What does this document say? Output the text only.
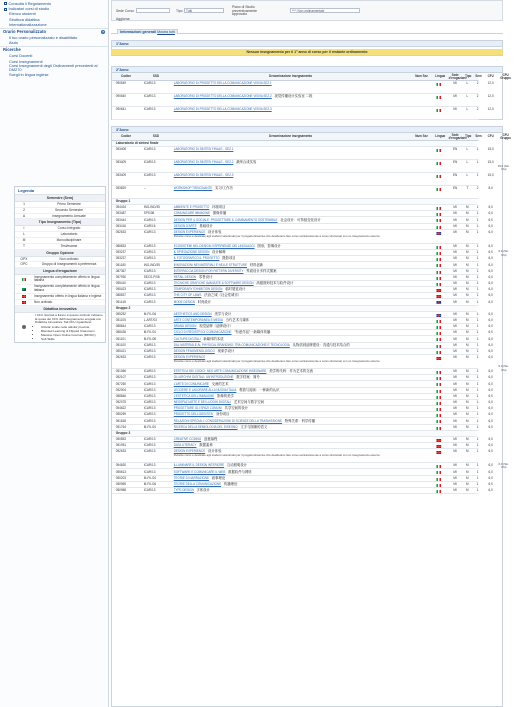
Consulta il Regolamento
Indicatori corsi di studio
Elenco studenti
Struttura didattica
Internationalizzazione
Orario Personalizzato	?
Il tuo orario personalizzato e disabilitato
Aiuto
Ricerche
Corsi Docenti
Corsi Insegnamenti
Corsi Insegnamenti degli Ordinamenti precedenti al DM270
Scegli in lingua inglese
Legenda
Semestre (Sem)
1	Primo Semestre
2	Secondo Semestre
A	Insegnamento Annuale
Tipo Insegnamento (Tipo)
I	Corso Integrato
L	Laboratorio
M	Monodisciplinare
T	Tesi/esame
Gruppo Opzione
OPX	Non ordinato
OPC	Gruppo di Insegnamenti a preferenza
Lingua d'erogazione
Insegnamento completamente offerto in lingua italiana
Insegnamento completamente offerto in lingua italiana
Insegnamento offerto in lingua italiana e inglese
Non ordinato
Didattica innovativa
I CFU riportati a fianco a questo simbolo indicano la quota dei CFU dell'insegnamento erogata con Didattica Innovativa. Tali CFU riguardano:
• Attivita' svolte nelle attivita' previste
• Blended Learning & Flipped Classroom
• Massive Open Online Courses (MOOC)
• Soft Skills
Sede Corso	Tipo	Tutti
Piano di Studio preventivamente approvato
***: Non ordinamentale
Aggiorna
Informazioni generali Mostra tutti
1°Anno
Nessun insegnamento per il 1° anno di corso per il restante ordinamento
2°Anno
Codice	SSD	Denominazione Insegnamento	Num Sez	Lingua	Sede d'erogazione
Tipo Sem	CFU	CFU Gruppo
090549	ICAR/13	LABORATORIO DI PROGETTO DELLA COMUNICAZIONE VISIVA SEZ.1	MI	L	2	12,0
090640	ICAR/13	LABORATORIO DI PROGETTO DELLA COMUNICAZIONE VISIVA SEZ.2 视觉传播设计实验室 二段	MI	L	2	12,0
090641	ICAR/13	LABORATORIO DI PROGETTO DELLA COMUNICAZIONE VISIVA SEZ.3	MI	L	2	12,0
3°Anno
Codice	SSD	Denominazione Insegnamento	Num Sez	Lingua	Sede d'erogazione
Tipo Sem	CFU	CFU Gruppo
Laboratorio di sintesi finale
053408	ICAR/13	LABORATORIO DI SINTESI FINALE - SEZ.1	EN	L	1	15,0
053409	ICAR/13	LABORATORIO DI SINTESI FINALE - SEZ.2 最终合成实验	EN	L	1	15,0
053409	ICAR/13	LABORATORIO DI SINTESI FINALE - SEZ.3	EN	L	1	15,0
15,0 (Sin. Cfu)
053829	--	WORKSHOP TIROCINANTE 实习/工作坊	EN	T	2	8,0
Gruppo 1
054434	ING-IND/35	AMBIENTE E PROGETTO 环境项目	MI	M	1	6,0
053487	SPS/08	COMUNICARE IMMAGINE 图像传播	MI	M	1	6,0
053444	ICAR/13	DESIGN PER IL SOCIALE: PROGETTARE IL CAMBIAMENTO SOSTENIBILE 社会设计：可持续变化设计	MI	M	1	6,0
053416	ICAR/16	DESIGN D'ARTE 基础设计	MI	M	1	6,0
052633	ICAR/13	DESIGN EXPERIENCE 设计体验
Durante corso e destinato agli studenti selezionati per il progetto Erasmus che desiderano fare corso esclusivamente a corso strutturato con un insegnamento esterno
MI	M	1	6,0
088833	ICAR/13	ECOSISTEMI NEL DESIGN: ESPERIENZE DEI LINGUAGGI 图形，影像设计	MI	M	1	6,0
053237	ICAR/13	IL SPIEGAZIONE DESIGN 设计解释	MI	M	1	6,0
053237	ICAR/13	IL FOTOGRAFICO IL PROGETTO 摄影项目	MI	M	1	6,0
051180	ING-IND/35	INNOVAZIONI NEI MATERIALI E NELLE STRUTTURE 材料创新	MI	M	1	6,0
087367	ICAR/13	INTERFACCIA DESIGN FOR PATTERN DIVERSITY 界面设计多样式图案	MI	M	1	6,0
057930	SECS-P/08	RETAIL DESIGN 零售设计	MI	M	1	6,0
055410	ICAR/13	TECNICHE GRAFICHE AVANZATE & SOFTWARE DESIGN 高级图形技术与软件设计	MI	M	1	6,0
055423	ICAR/13	TEMPORARY EXHIBITION DESIGN 临时展览设计	MI	M	1	6,0
088837	ICAR/13	THE CITY OF LAWS 法治之城（社会性城市）	MI	M	1	6,0
051145	ICAR/13	MODE DESIGN 时尚设计	MI	M	1	6,0
6,0 (Sin. Cfu)
Gruppo 2
055252	M-FIL/04	AESTHETICS AND DESIGN 美学与设计	MI	M	1	6,0
051105	L-ART/03	ARTE CONTEMPORANEA E MEDIA 当代艺术与媒体	MI	M	1	6,0
088844	ICAR/13	BRAND DESIGN 视觉品牌（品牌设计）	MI	M	1	6,0
088436	M-FIL/01	CICLO DI REGISTRI DI COMUNICAZIONE "有意作品"一新媒体传播	MI	M	1	6,0
051101	M-FIL/05	CULTURE DIGITALI 新媒体的本质	MI	M	1	6,0
051100	ICAR/13	DAL MATERIALE AL PHYSICAL BRANDING: TRA COMUNICAZIONE E TECNOLOGIA 从物质到品牌建设：沟通与技术结合的	MI	M	1	6,0
055421	ICAR/13	DESIGN FENOMENOLOGICO 现象学设计	MI	M	1	6,0
052633	ICAR/13	DESIGN EXPERIENCE
Durante corso e destinato agli studenti selezionati per il progetto Erasmus che desiderano fare corso esclusivamente a corso strutturato con un insegnamento esterno
MI	M	1	6,0
051066	ICAR/13	ESTETICA DEI CODICI: NEO ARTE COMUNICAZIONE INSEGNARE 美学的代码：作为艺术的交流	MI	M	1	6,0
052107	ICAR/13	GLI ARCHIVI DIGITALI: UN'INTRODUZIONE 数字档案：简介	MI	M	1	6,0
057250	ICAR/13	L'ARTE DI COMUNICARE 交流的艺术	MI	M	1	6,0
052004	ICAR/13	LEGGERE E LAVORARE ALLA NUOVA ITALIA 观看与阅读：一种新的认识	MI	M	1	6,0
088846	ICAR/13	L'ESTETICA DELL'IMMAGINE 影像的美学	MI	M	1	6,0
052075	ICAR/13	NEOSPAZI ARTE E DEI LUOGHI DIGITALI 艺术空间与数字空间	MI	M	1	6,0
054622	ICAR/13	PROGETTARE GLI SPAZI COMUNI 共享空间的设计	MI	M	1	6,0
055259	ICAR/13	PROGETTO DELL'IDENTITA' 身份项目	MI	M	1	6,0
051818	ICAR/13	RELAZIONI SPECIALI: CONSIDERAZIONI DI SCIENZE DELLA TRASMISSIONE 特殊关系：科学传播	MI	M	1	6,0
051764	M-FIL/01	RICERCA DELLA SEMIOLOGIA DEL DISEGNO 文字与图像的语义	MI	M	1	6,0
6,0 (Sin. Cfu)
Gruppo 3
050853	ICAR/13	CREATIVE CODING 创意编程	MI	M	1	6,0
051951	ICAR/13	DATA LITERACY 数据素养	MI	M	1	6,0
052633	ICAR/13	DESIGN EXPERIENCE 设计体验
Durante corso e destinato agli studenti selezionati per il progetto Erasmus che desiderano fare corso esclusivamente a corso strutturato con un insegnamento esterno
MI	M	1	6,0
054630	ICAR/13	ILLUMINARE IL DESIGN INTERIORE 互动照明设计	MI	M	1	6,0
055613	ICAR/13	SOFTWARE E COMUNICARE IL WEB 数据软件与网络	MI	M	1	6,0
050203	M-FIL/01	TEORIE DI NARRAZIONE 叙事理论	MI	M	1	6,0
050969	M-FIL/04	TEORIE DELLA COMUNICAZIONE 传播理论	MI	M	1	6,0
050968	ICAR/13	TYPE DESIGN 字体设计	MI	M	1	6,0
6,0 (Sin. Cfu)
